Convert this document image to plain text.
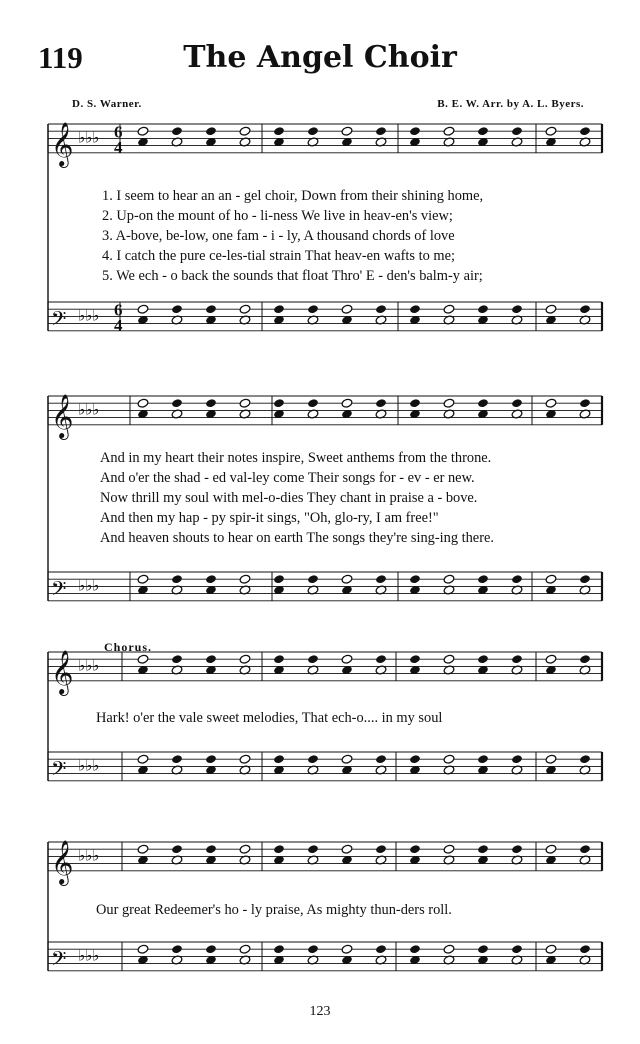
119	The Angel Choir
D. S. Warner.	B. E. W. Arr. by A. L. Byers.
𝄞 ♭♭♭ 6
4
𝄢 ♭♭♭ 6
4
𝄞 ♭♭♭
𝄢 ♭♭♭
𝄞 ♭♭♭
𝄢 ♭♭♭
𝄞 ♭♭♭
𝄢 ♭♭♭
1. I seem to hear an an - gel choir, Down from their shining home,
2. Up-on the mount of ho - li-ness We live in heav-en's view;
3. A-bove, be-low, one fam - i - ly, A thousand chords of love
4. I catch the pure ce-les-tial strain That heav-en wafts to me;
5. We ech - o back the sounds that float Thro' E - den's balm-y air;
And in my heart their notes inspire, Sweet anthems from the throne.
And o'er the shad - ed val-ley come Their songs for - ev - er new.
Now thrill my soul with mel-o-dies They chant in praise a - bove.
And then my hap - py spir-it sings, "Oh, glo-ry, I am free!"
And heaven shouts to hear on earth The songs they're sing-ing there.
Chorus.
Hark! o'er the vale sweet melodies, That ech-o.... in my soul
Our great Redeemer's ho - ly praise, As mighty thun-ders roll.
123
